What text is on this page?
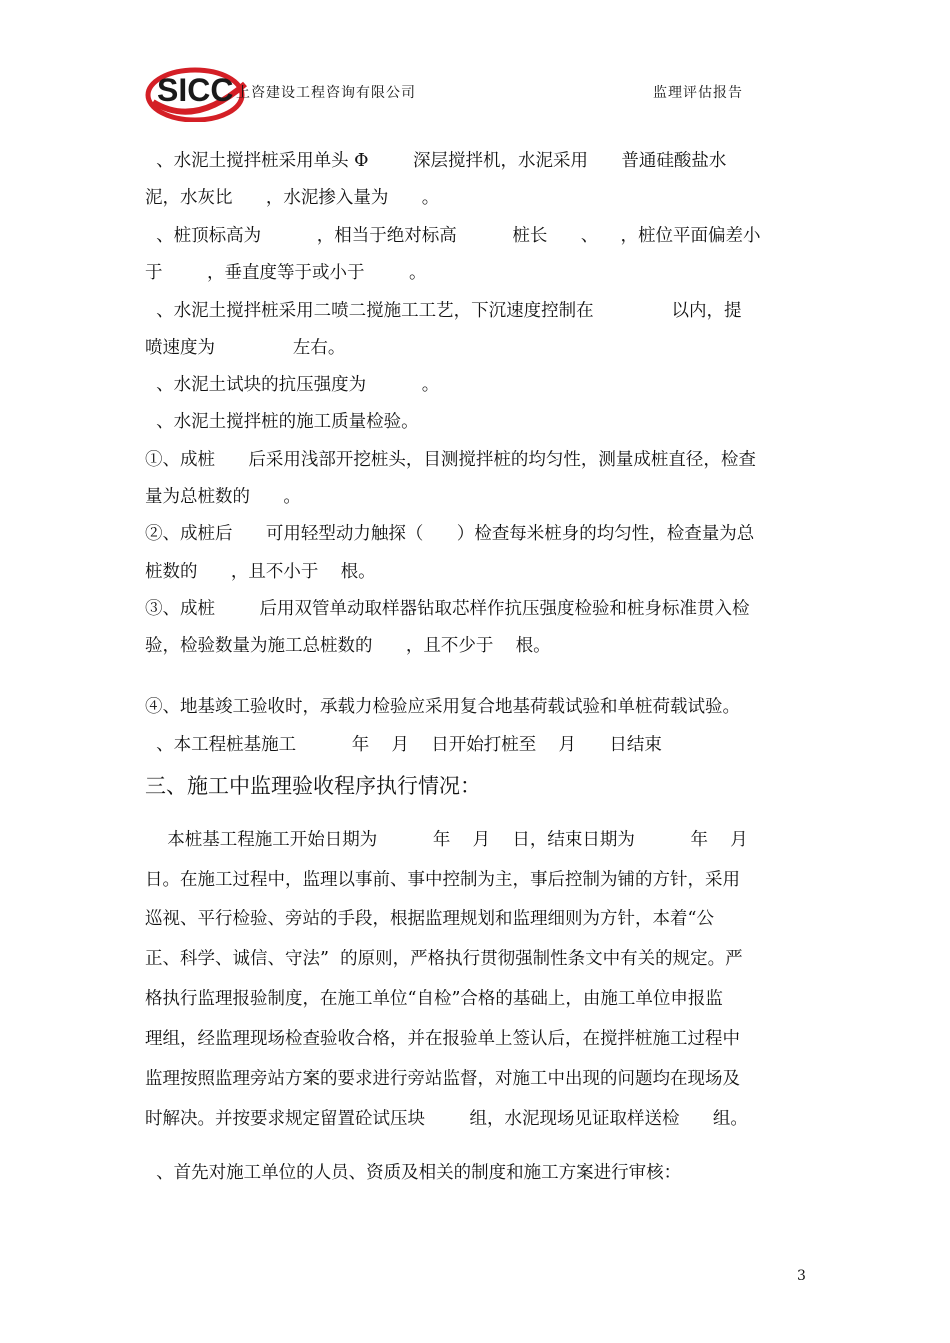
SICC 上咨建设工程咨询有限公司	监理评估报告
、水泥土搅拌桩采用单头 Φ        深层搅拌机，水泥采用      普通硅酸盐水
泥，水灰比      ，水泥掺入量为      。
、桩顶标高为          ，相当于绝对标高          桩长      、    ，桩位平面偏差小
于        ，垂直度等于或小于        。
、水泥土搅拌桩采用二喷二搅施工工艺，下沉速度控制在              以内，提
喷速度为              左右。
、水泥土试块的抗压强度为          。
、水泥土搅拌桩的施工质量检验。
①、成桩      后采用浅部开挖桩头，目测搅拌桩的均匀性，测量成桩直径，检查
量为总桩数的      。
②、成桩后      可用轻型动力触探（      ）检查每米桩身的均匀性，检查量为总
桩数的      ，且不小于    根。
③、成桩        后用双管单动取样器钻取芯样作抗压强度检验和桩身标准贯入检
验，检验数量为施工总桩数的      ，且不少于    根。
④、地基竣工验收时，承载力检验应采用复合地基荷载试验和单桩荷载试验。
、本工程桩基施工          年    月    日开始打桩至    月      日结束
三、施工中监理验收程序执行情况：
本桩基工程施工开始日期为          年    月    日，结束日期为          年    月
日。在施工过程中，监理以事前、事中控制为主，事后控制为铺的方针，采用
巡视、平行检验、旁站的手段，根据监理规划和监理细则为方针，本着“公
正、科学、诚信、守法”  的原则，严格执行贯彻强制性条文中有关的规定。严
格执行监理报验制度，在施工单位“自检”合格的基础上，由施工单位申报监
理组，经监理现场检查验收合格，并在报验单上签认后，在搅拌桩施工过程中
监理按照监理旁站方案的要求进行旁站监督，对施工中出现的问题均在现场及
时解决。并按要求规定留置砼试压块        组，水泥现场见证取样送检      组。
、首先对施工单位的人员、资质及相关的制度和施工方案进行审核：
3
